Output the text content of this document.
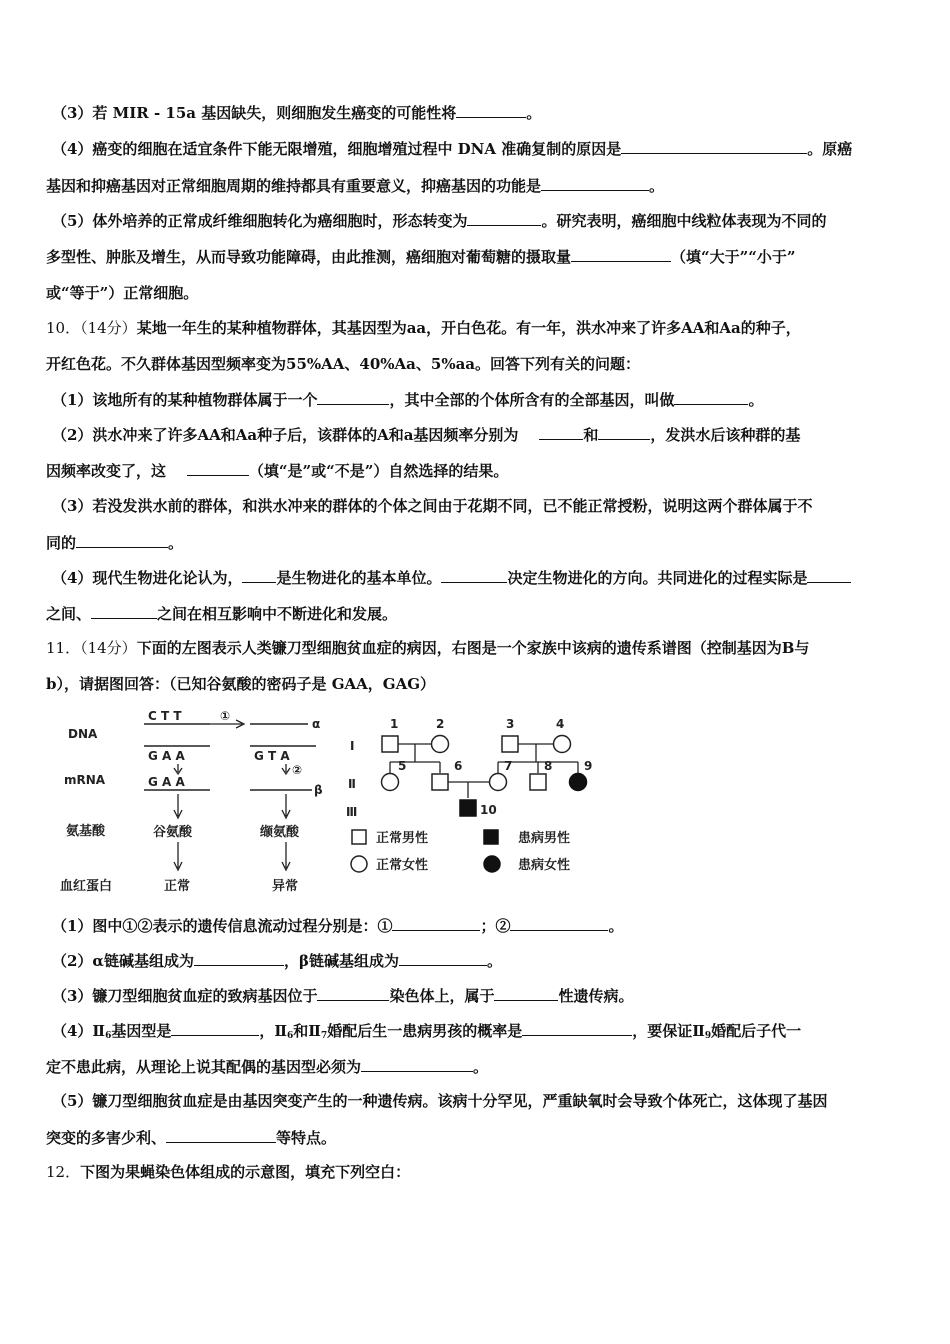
（3）若 MIR - 15a 基因缺失，则细胞发生癌变的可能性将	。
（4）癌变的细胞在适宜条件下能无限增殖，细胞增殖过程中 DNA 准确复制的原因是	。原癌
基因和抑癌基因对正常细胞周期的维持都具有重要意义，抑癌基因的功能是	。
（5）体外培养的正常成纤维细胞转化为癌细胞时，形态转变为	。研究表明，癌细胞中线粒体表现为不同的
多型性、肿胀及增生，从而导致功能障碍，由此推测，癌细胞对葡萄糖的摄取量	（填“大于”“小于”
或“等于”）正常细胞。
10．（14分）某地一年生的某种植物群体，其基因型为aa，开白色花。有一年，洪水冲来了许多AA和Aa的种子，
开红色花。不久群体基因型频率变为55%AA、40%Aa、5%aa。回答下列有关的问题：
（1）该地所有的某种植物群体属于一个	，其中全部的个体所含有的全部基因，叫做	。
（2）洪水冲来了许多AA和Aa种子后，该群体的A和a基因频率分别为	和	，发洪水后该种群的基
因频率改变了，这	（填“是”或“不是”）自然选择的结果。
（3）若没发洪水前的群体，和洪水冲来的群体的个体之间由于花期不同，已不能正常授粉，说明这两个群体属于不
同的	。
（4）现代生物进化论认为， 是生物进化的基本单位。	决定生物进化的方向。共同进化的过程实际是
之间、	之间在相互影响中不断进化和发展。
11．（14分）下面的左图表示人类镰刀型细胞贫血症的病因，右图是一个家族中该病的遗传系谱图（控制基因为B与
b），请据图回答：（已知谷氨酸的密码子是 GAA，GAG）
DNA
mRNA
氨基酸
血红蛋白
C T T
G A A
G A A
谷氨酸
正常
①
α
G T A
②
β
缬氨酸
异常
Ⅰ
Ⅱ
Ⅲ
1	2	3	4
5	6	7	8	9
10
正常男性	患病男性
正常女性	患病女性
（1）图中①②表示的遗传信息流动过程分别是：①	；②	。
（2）α链碱基组成为	，β链碱基组成为	。
（3）镰刀型细胞贫血症的致病基因位于	染色体上，属于	性遗传病。
$(4)Ⅱ_6$基因型是	，$Ⅱ_6$和$Ⅱ_7$婚配后生一患病男孩的概率是	，要保证$Ⅱ_9$婚配后子代一
定不患此病，从理论上说其配偶的基因型必须为	。
（5）镰刀型细胞贫血症是由基因突变产生的一种遗传病。该病十分罕见，严重缺氧时会导致个体死亡，这体现了基因
突变的多害少利、	等特点。
12．下图为果蝇染色体组成的示意图，填充下列空白：
